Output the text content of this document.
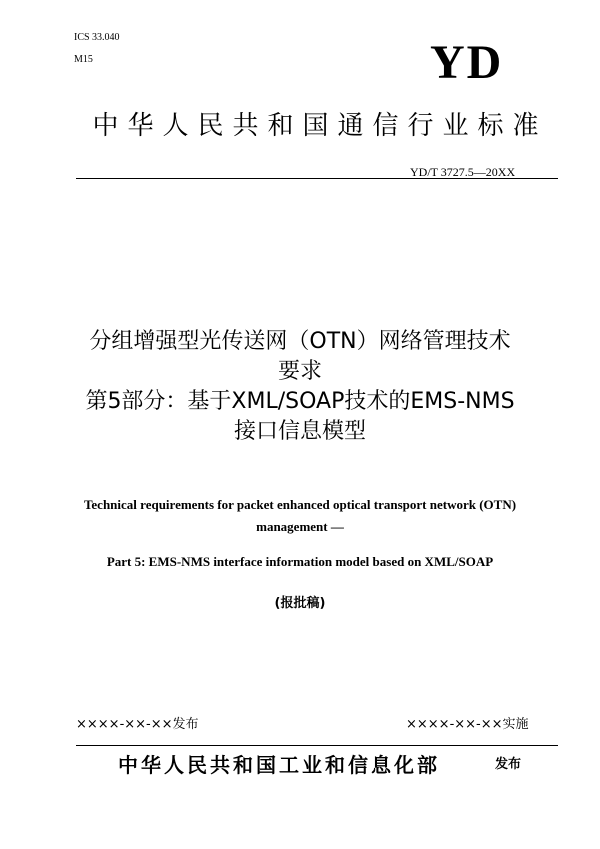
ICS 33.040
M15	YD
中华人民共和国通信行业标准
YD/T 3727.5—20XX
分组增强型光传送网（OTN）网络管理技术
要求
第5部分：基于XML/SOAP技术的EMS-NMS
接口信息模型
Technical requirements for packet enhanced optical transport network (OTN)
management —
Part 5: EMS-NMS interface information model based on XML/SOAP
(报批稿)
××××-××-××发布	××××-××-××实施
中华人民共和国工业和信息化部	发布
